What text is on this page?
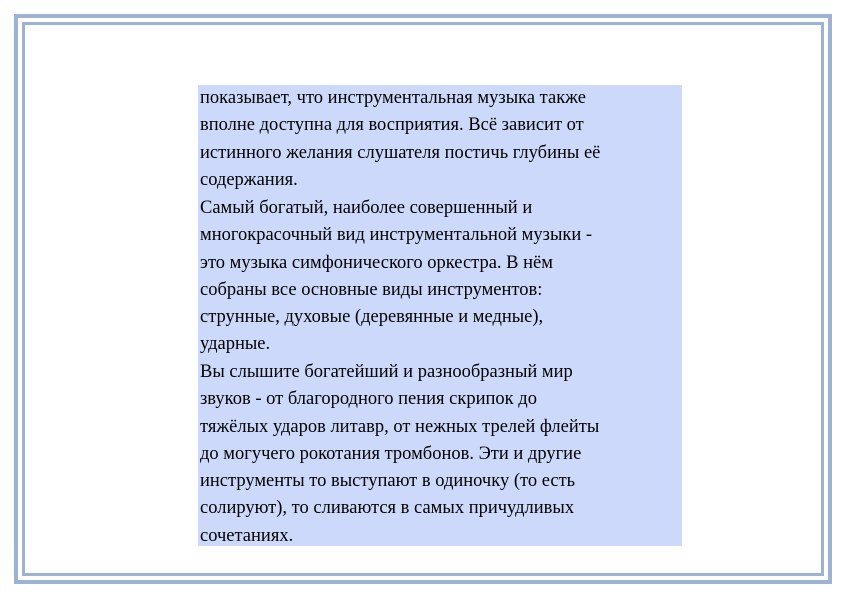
показывает, что инструментальная музыка также
вполне доступна для восприятия. Всё зависит от
истинного желания слушателя постичь глубины её
содержания.

Самый богатый, наиболее совершенный и
многокрасочный вид инструментальной музыки -
это музыка симфонического оркестра. В нём
собраны все основные виды инструментов:
струнные, духовые (деревянные и медные),
ударные.

Вы слышите богатейший и разнообразный мир
звуков - от благородного пения скрипок до
тяжёлых ударов литавр, от нежных трелей флейты
до могучего рокотания тромбонов. Эти и другие
инструменты то выступают в одиночку (то есть
солируют), то сливаются в самых причудливых
сочетаниях.
